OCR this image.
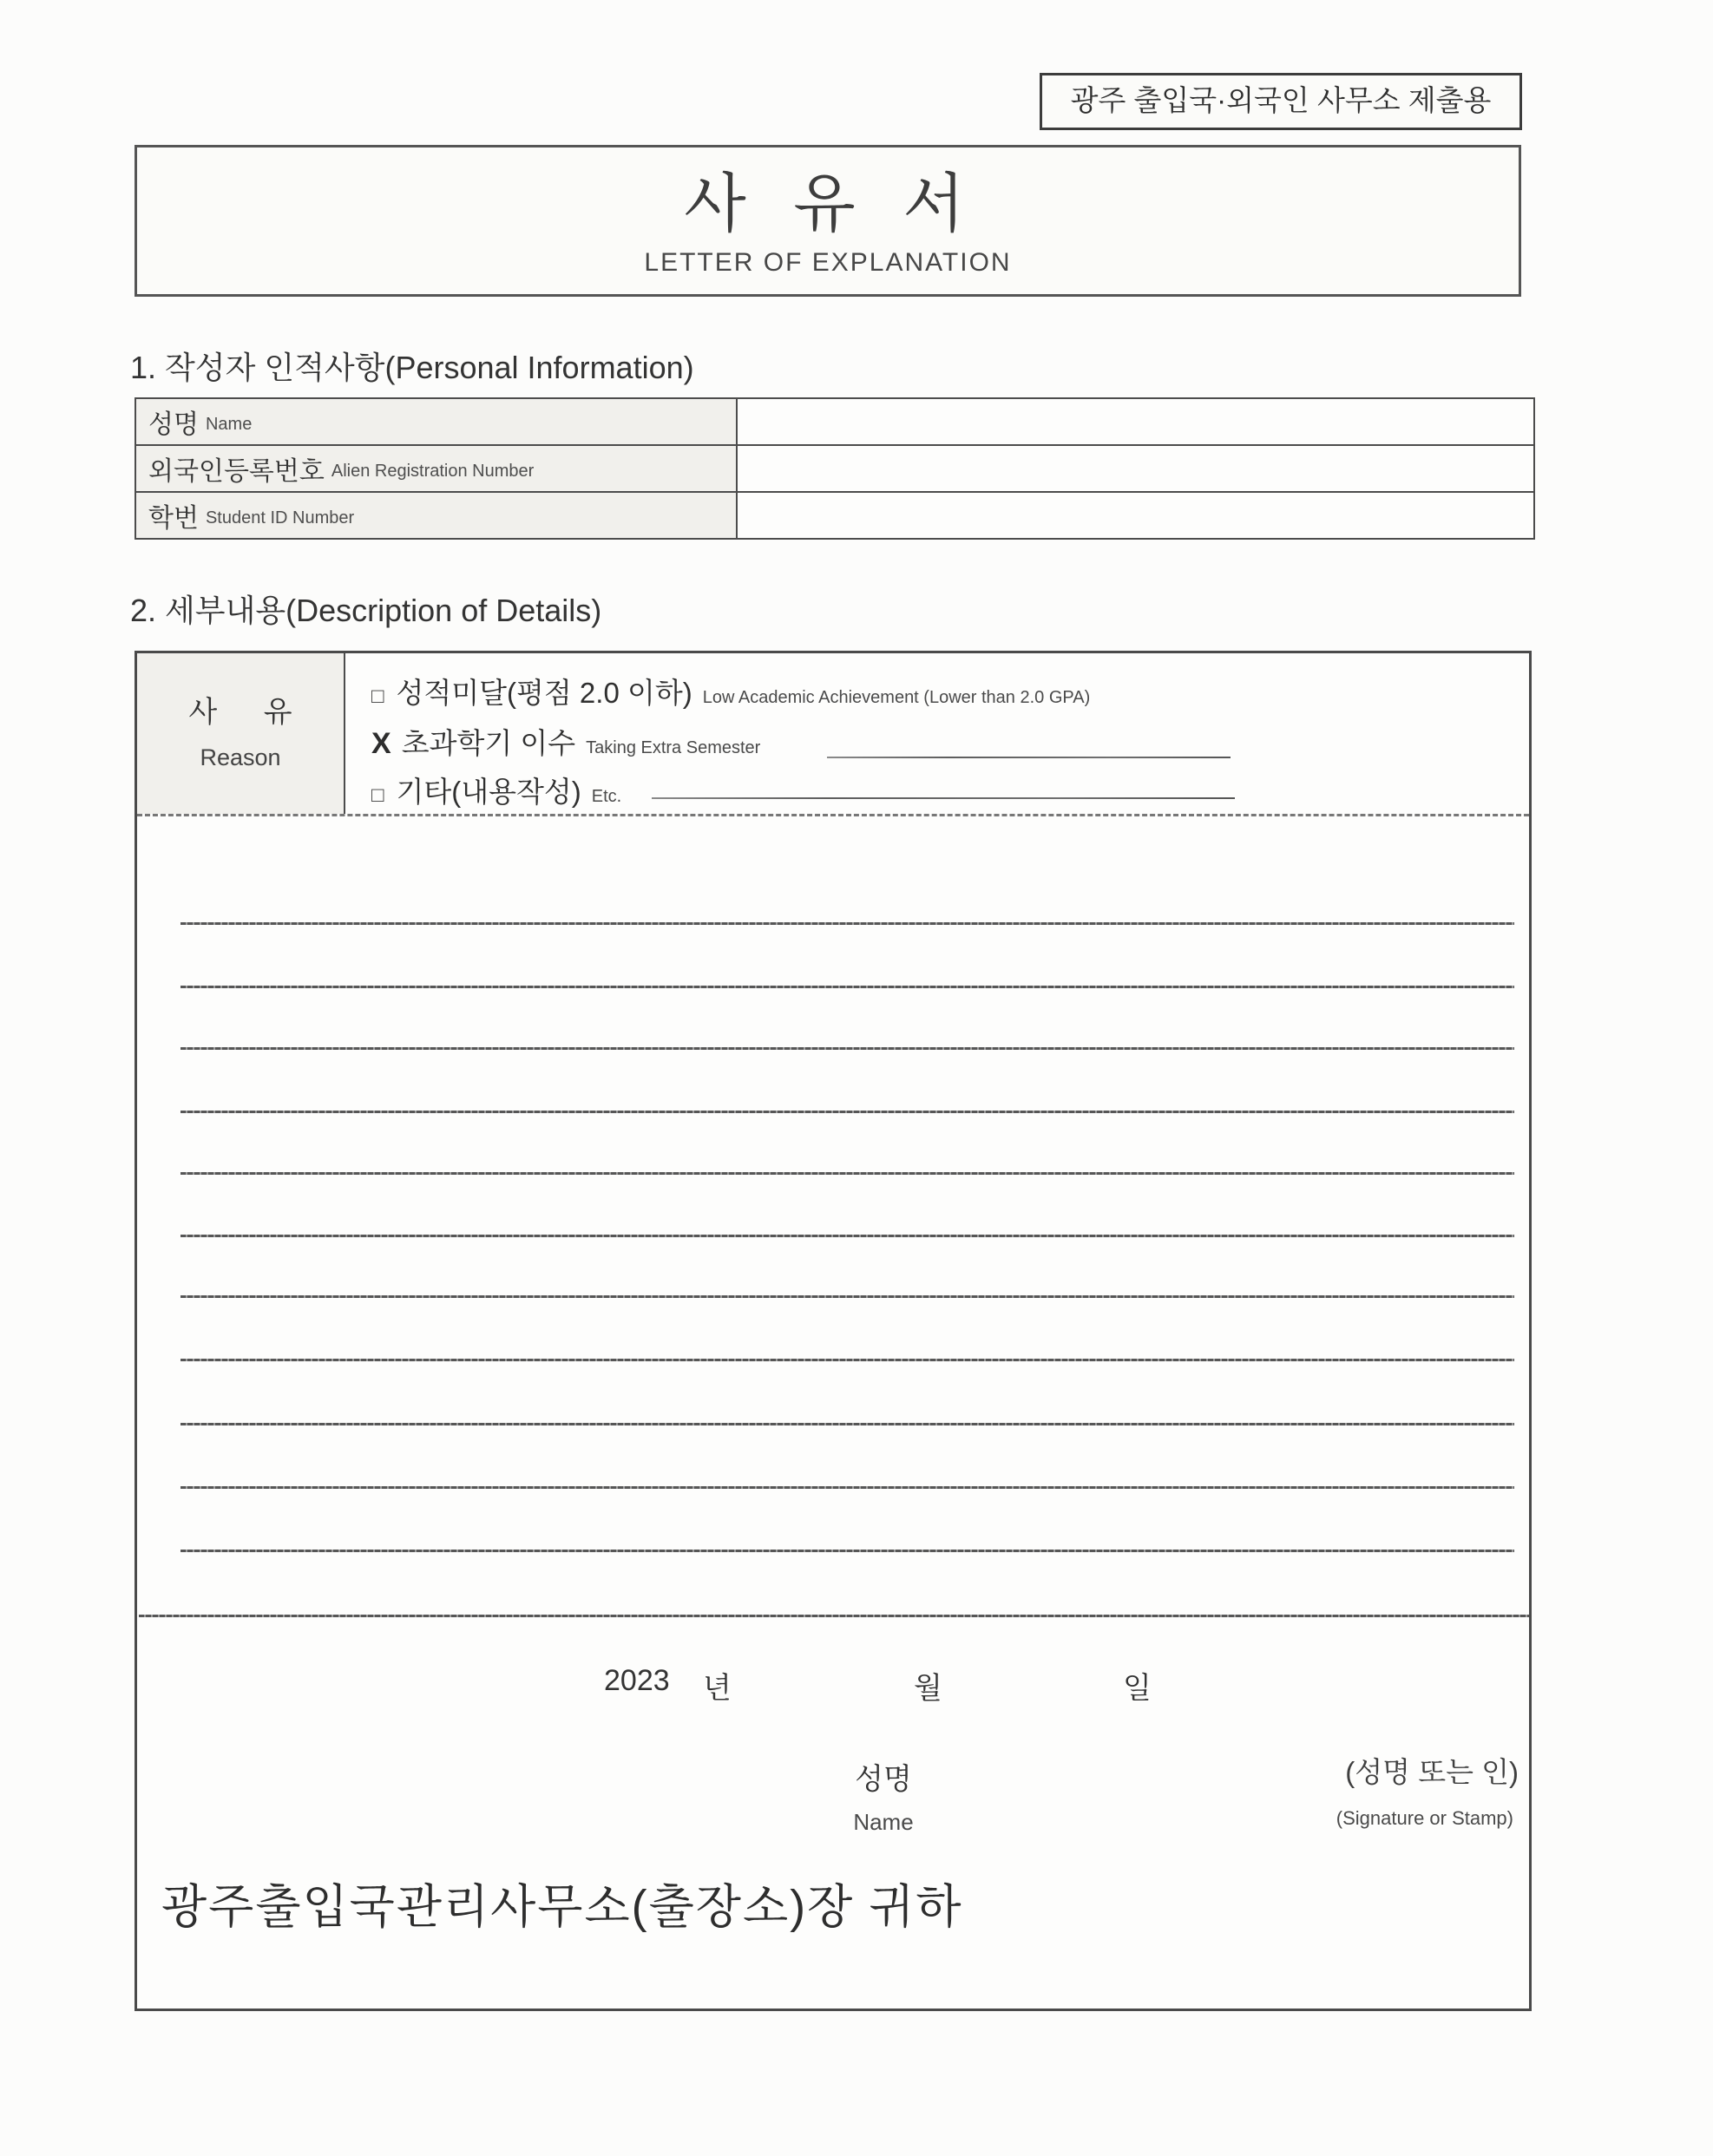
광주 출입국·외국인 사무소 제출용
사 유 서
LETTER OF EXPLANATION
1. 작성자 인적사항(Personal Information)
성명 Name
외국인등록번호 Alien Registration Number
학번 Student ID Number
2. 세부내용(Description of Details)
사 유
Reason
□ 성적미달(평점 2.0 이하) Low Academic Achievement (Lower than 2.0 GPA)
X 초과학기 이수 Taking Extra Semester
□ 기타(내용작성) Etc.
2023 년	월	일
성명
Name
(성명 또는 인)
(Signature or Stamp)
광주출입국관리사무소(출장소)장 귀하
